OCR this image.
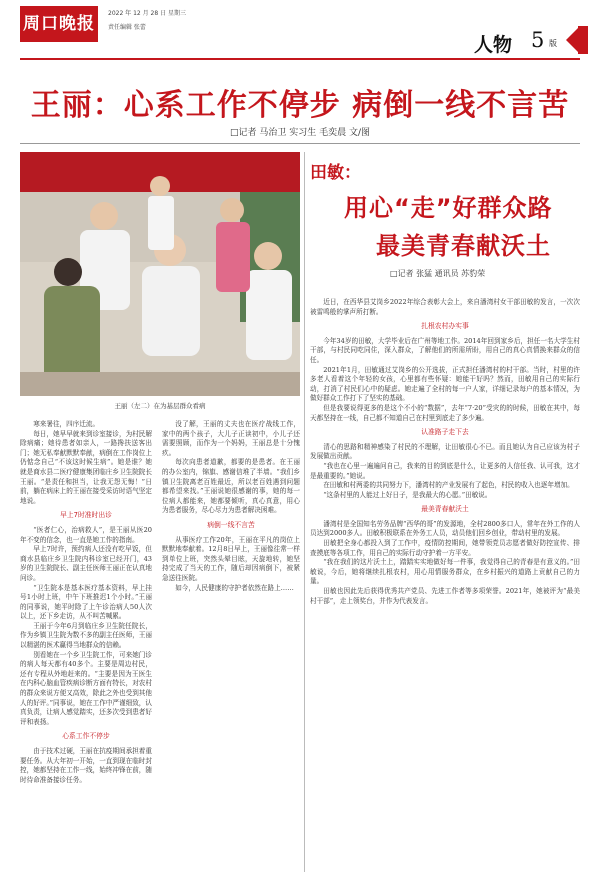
周口晚报
2022 年 12 月 28 日 星期三
责任编辑 张蕾
人物 5 版
王丽：心系工作不停步 病倒一线不言苦
□记者 马治卫 实习生 毛奕晨 文/图
王丽（左二）在为基层群众看病

寒来暑往，四序迁流。

每日，她早早就来到诊室接诊，为村民解除病痛；她待患者如亲人，一路搀扶送客出门；她无私奉献默默奉献，病倒在工作岗位上仍惦念自己“不该这时候生病”。她是谁？她就是商水县二医疗健康集团临庄乡卫生院院长王丽。“是责任和担当，让我无怨无悔！”日前，躺在病床上的王丽在接受采访时语气坚定地说。

早上7时准时出诊

“医者仁心，治病救人”，是王丽从医20年不变的信念，也一直是她工作的指南。

早上7时许，预约病人还没有吃早饭，但商水县临庄乡卫生院内科诊室已经开门，43岁的卫生院院长、副主任医师王丽正在认真地问诊。

“卫生院本是基本医疗基本资料，早上挂号1小时上班，中午下班推迟1个小时。”王丽的同事说，她平时除了上午诊治病人50人次以上，还下乡走访，从不叫苦喊累。

王丽于今年6月到临庄乡卫生院任院长，作为乡镇卫生院为数不多的副主任医师，王丽以精湛的医术赢得当地群众的信赖。

别看她在一个乡卫生院工作，可来她门诊的病人每天都有40多个。主要是周边村民，还有专程从外地赶来的。“主要是因为王医生在内科心脑血管疾病诊断方面有特长，对农村的群众来说方便又高效，除此之外也受到其他人的好评。”同事说，她在工作中严谨细致，认真负责，让病人感觉踏实，还多次受到患者好评和表扬。

心系工作不停步

由于技术过硬，王丽在抗疫期间承担着重要任务。从大年初一开始，一直到现在临时封控，她都坚持在工作一线，始终冲锋在前，随时待命准备接诊任务。

没了解，王丽的丈夫也在医疗战线工作，家中的两个孩子，大儿子正读初中，小儿子还需要照顾，而作为一个妈妈，王丽总是十分愧疚。

每次向患者道歉，都要的是患者。在王丽的办公室内，锦旗、感谢信堆了半墙。“我们乡镇卫生院离老百姓最近，所以老百姓遇到问题都希望来找。”王丽说她很感谢的事，她的每一位病人都能来，她都要倾听，真心真意，用心为患者服务，尽心尽力为患者解决困难。

病倒一线不言苦

从事医疗工作20年，王丽在平凡的岗位上默默地奉献着。12月8日早上，王丽像往常一样到单位上班，突然头晕目眩，天旋地转，她坚持完成了当天的工作，随后却因病倒下，被紧急送往医院。

如今，人民健康的守护者依然在路上……

田敏：
用心“走”好群众路
最美青春献沃土
□记者 张猛 通讯员 苏豹荣

近日，在西华县艾岗乡2022年综合表彰大会上，来自潘湾村女干部田敏的发言，一次次被雷鸣般的掌声所打断。

扎根农村办实事

今年34岁的田敏，大学毕业后在广州等地工作。2014年回到家乡后，担任一名大学生村干部，与村民同吃同住，深入群众，了解他们的所需所盼，用自己的真心真情换来群众的信任。

2021年1月，田敏通过艾岗乡的公开选拔，正式担任潘湾村的村干部。当时，村里的许多老人看着这个年轻的女孩，心里都有些怀疑：她能干好吗？然而，田敏用自己的实际行动，打消了村民们心中的疑虑。她走遍了全村的每一户人家，详细记录每户的基本情况，为做好群众工作打下了坚实的基础。

但是我要说得更多的是这个不小的“数据”，去年“7·20”受灾的的时候，田敏在其中，每天都坚持在一线，自己都不知道自己在村里到底走了多少遍。

认准路子走下去

清心的思路和精神感染了村民的不理解，让田敏很心不已。而且她认为自己应该为村子发展做出贡献。

“我也在心里一遍遍问自己，我来的目的到底是什么，让更多的人信任我、认可我，这才是最重要的。”她说。

在田敏和村两委的共同努力下，潘湾村的产业发展有了起色，村民的收入也逐年增加。

“这条村里的人能过上好日子，是我最大的心愿。”田敏说。

最美青春献沃土

潘湾村是全国知名劳务品牌“西华的哥”的发源地，全村2800多口人，常年在外工作的人员达到2000多人。田敏积极联系在外务工人员，动员他们回乡创业，带动村里的发展。

田敏把全身心都投入到了工作中，疫情防控期间，她带领党员志愿者做好防控宣传、排查摸底等各项工作，用自己的实际行动守护着一方平安。

“我在我们的这片沃土上，踏踏实实地做好每一件事，我觉得自己的青春是有意义的。”田敏说，今后，她将继续扎根农村，用心用情服务群众，在乡村振兴的道路上贡献自己的力量。

田敏也因此先后获得优秀共产党员、先进工作者等多项荣誉。2021年，她被评为“最美村干部”，走上领奖台，并作为代表发言。
